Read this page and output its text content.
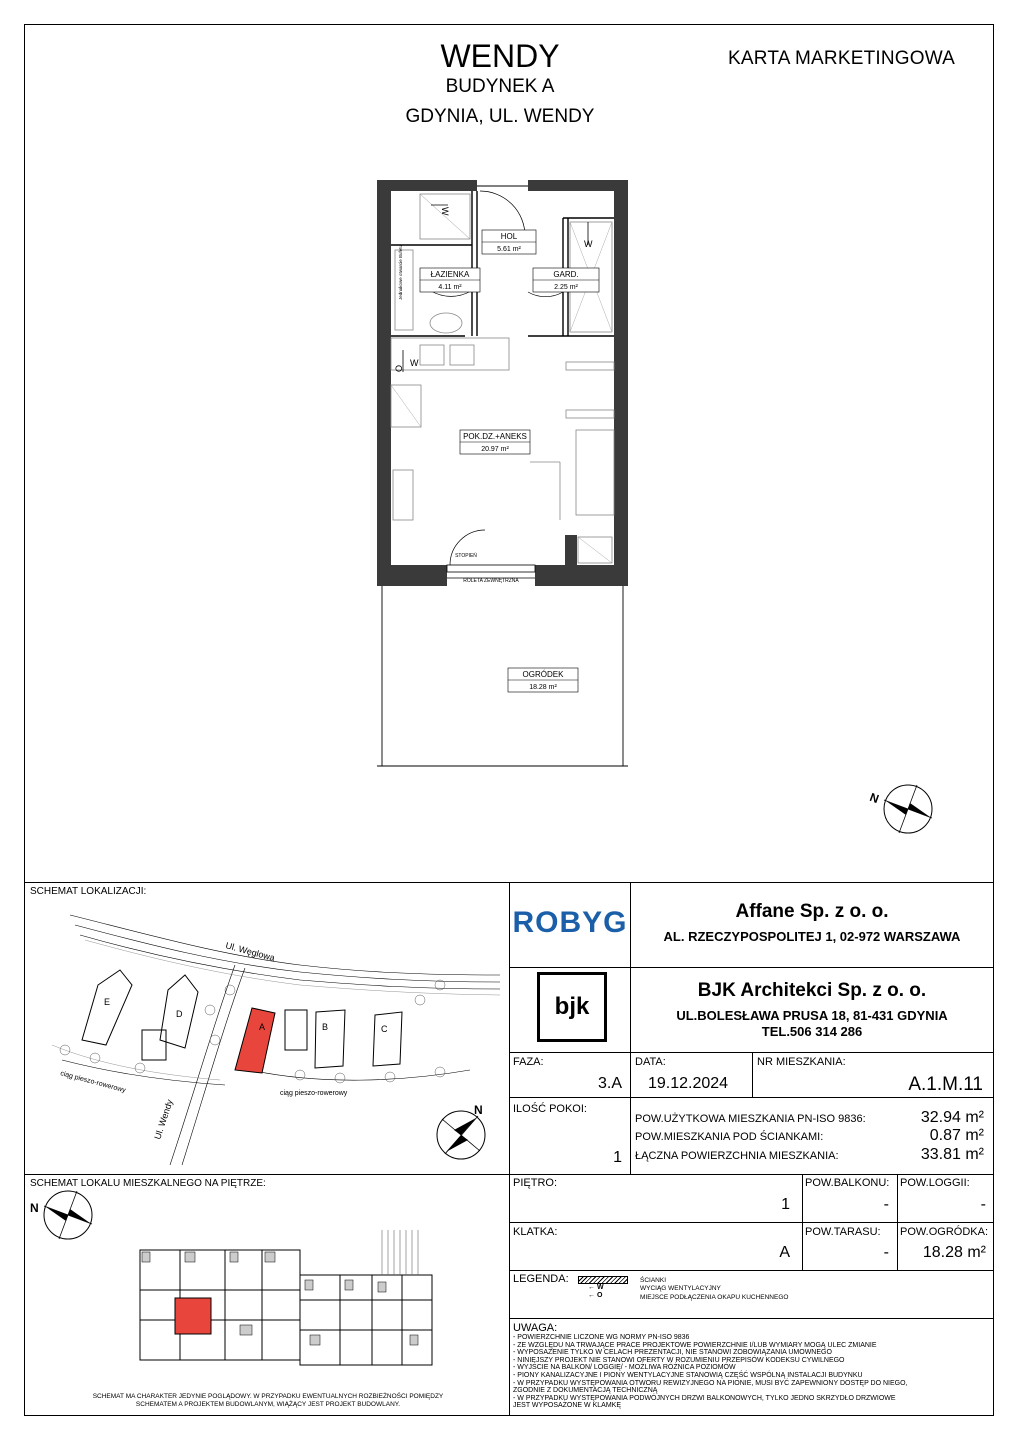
WENDY
BUDYNEK A
GDYNIA, UL. WENDY
KARTA MARKETINGOWA
HOL
5.61 m²
ŁAZIENKA
4.11 m²
GARD.
2.25 m²
POK.DZ.+ANEKS
20.97 m²
OGRÓDEK
18.28 m²
STOPIEŃ
ROLETA ZEWNĘTRZNA
Jednakowe otwarcie Bufetu
W
O
W
W
N
SCHEMAT LOKALIZACJI:
Ul. Węglowa
Ul. Wendy
ciąg pieszo-rowerowy	ciąg pieszo-rowerowy
E
D
A	B	C
N
SCHEMAT LOKALU MIESZKALNEGO NA PIĘTRZE:
N
SCHEMAT MA CHARAKTER JEDYNIE POGLĄDOWY. W PRZYPADKU EWENTUALNYCH ROZBIEŻNOŚCI POMIĘDZY
SCHEMATEM A PROJEKTEM BUDOWLANYM, WIĄŻĄCY JEST PROJEKT BUDOWLANY.
ROBYG	Affane Sp. z o. o.
AL. RZECZYPOSPOLITEJ 1, 02-972 WARSZAWA
bjk
BJK Architekci Sp. z o. o.
UL.BOLESŁAWA PRUSA 18, 81-431 GDYNIA
TEL.506 314 286
FAZA:
3.A
DATA:
19.12.2024
NR MIESZKANIA:
A.1.M.11
ILOŚĆ POKOI:
1
POW.UŻYTKOWA MIESZKANIA PN-ISO 9836:	32.94 m²
POW.MIESZKANIA POD ŚCIANKAMI:	0.87 m²
ŁĄCZNA POWIERZCHNIA MIESZKANIA:	33.81 m²
PIĘTRO:
1
POW.BALKONU:
-
POW.LOGGII:
-
KLATKA:
A
POW.TARASU:
-
POW.OGRÓDKA:
18.28 m²
LEGENDA:
← W
← O
ŚCIANKI
WYCIĄG WENTYLACYJNY
MIEJSCE PODŁĄCZENIA OKAPU KUCHENNEGO
UWAGA:
- POWIERZCHNIE LICZONE WG NORMY PN-ISO 9836
- ZE WZGLĘDU NA TRWAJĄCE PRACE PROJEKTOWE POWIERZCHNIE I/LUB WYMIARY MOGĄ ULEC ZMIANIE
- WYPOSAŻENIE TYLKO W CELACH PREZENTACJI, NIE STANOWI ZOBOWIĄZANIA UMOWNEGO
- NINIEJSZY PROJEKT NIE STANOWI OFERTY W ROZUMIENIU PRZEPISÓW KODEKSU CYWILNEGO
- WYJŚCIE NA BALKON/ LOGGIĘ/ - MOŻLIWA RÓŻNICA POZIOMÓW
- PIONY KANALIZACYJNE I PIONY WENTYLACYJNE STANOWIĄ CZĘŚĆ WSPÓLNĄ INSTALACJI BUDYNKU
- W PRZYPADKU WYSTĘPOWANIA OTWORU REWIZYJNEGO NA PIONIE, MUSI BYĆ ZAPEWNIONY DOSTĘP DO NIEGO,
ZGODNIE Z DOKUMENTACJĄ TECHNICZNĄ
- W PRZYPADKU WYSTĘPOWANIA PODWÓJNYCH DRZWI BALKONOWYCH, TYLKO JEDNO SKRZYDŁO DRZWIOWE
JEST WYPOSAŻONE W KLAMKĘ
